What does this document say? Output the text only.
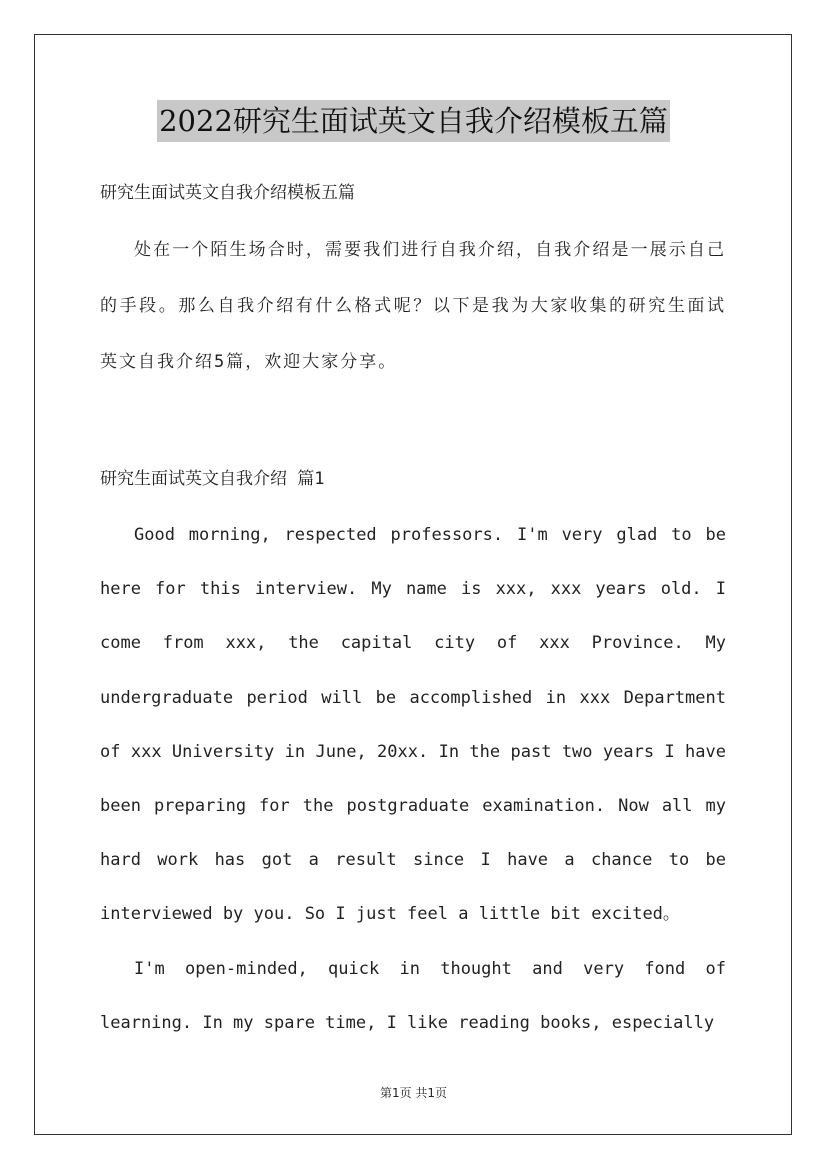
2022研究生面试英文自我介绍模板五篇

研究生面试英文自我介绍模板五篇

处在一个陌生场合时，需要我们进行自我介绍，自我介绍是一展示自己的手段。那么自我介绍有什么格式呢？以下是我为大家收集的研究生面试英文自我介绍5篇，欢迎大家分享。

研究生面试英文自我介绍 篇1

Good morning, respected professors. I'm very glad to be here for this interview. My name is xxx, xxx years old. I come from xxx, the capital city of xxx Province. My undergraduate period will be accomplished in xxx Department of xxx University in June, 20xx. In the past two years I have been preparing for the postgraduate examination. Now all my hard work has got a result since I have a chance to be interviewed by you. So I just feel a little bit excited。

I'm open-minded, quick in thought and very fond of learning. In my spare time, I like reading books, especially

第1页 共1页
